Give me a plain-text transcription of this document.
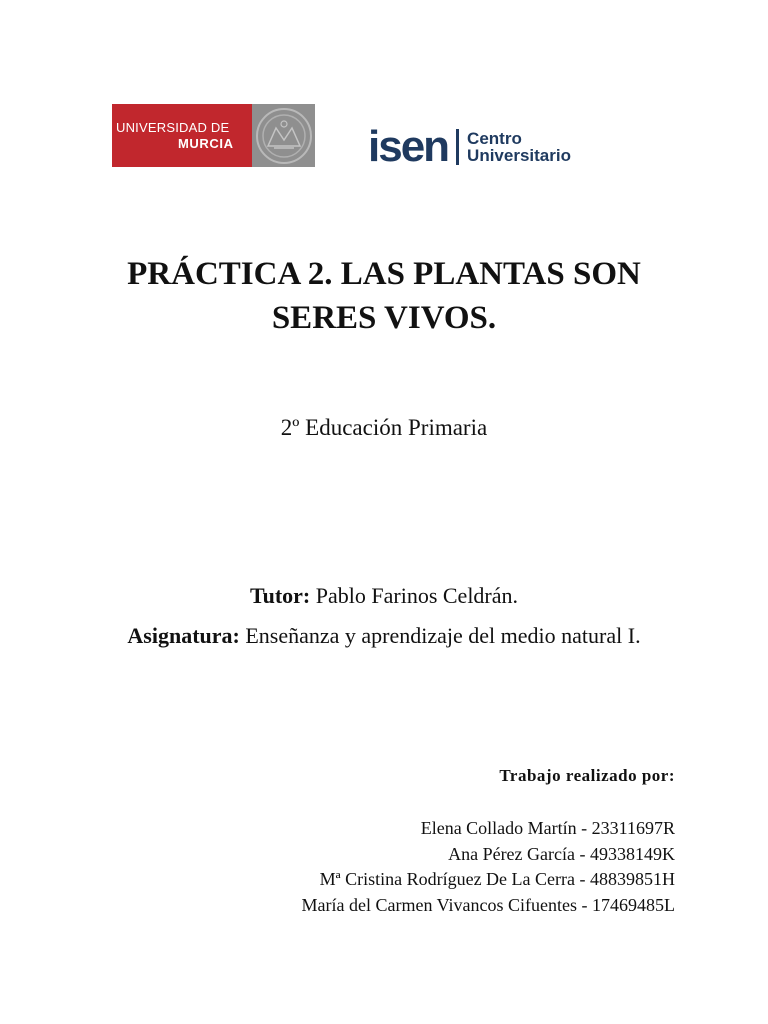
UNIVERSIDAD DE
MURCIA	isen Centro
Universitario
PRÁCTICA 2. LAS PLANTAS SON
SERES VIVOS.

2º Educación Primaria

Tutor: Pablo Farinos Celdrán.
Asignatura: Enseñanza y aprendizaje del medio natural I.
Trabajo realizado por:
Elena Collado Martín - 23311697R
Ana Pérez García - 49338149K
Mª Cristina Rodríguez De La Cerra - 48839851H
María del Carmen Vivancos Cifuentes - 17469485L
